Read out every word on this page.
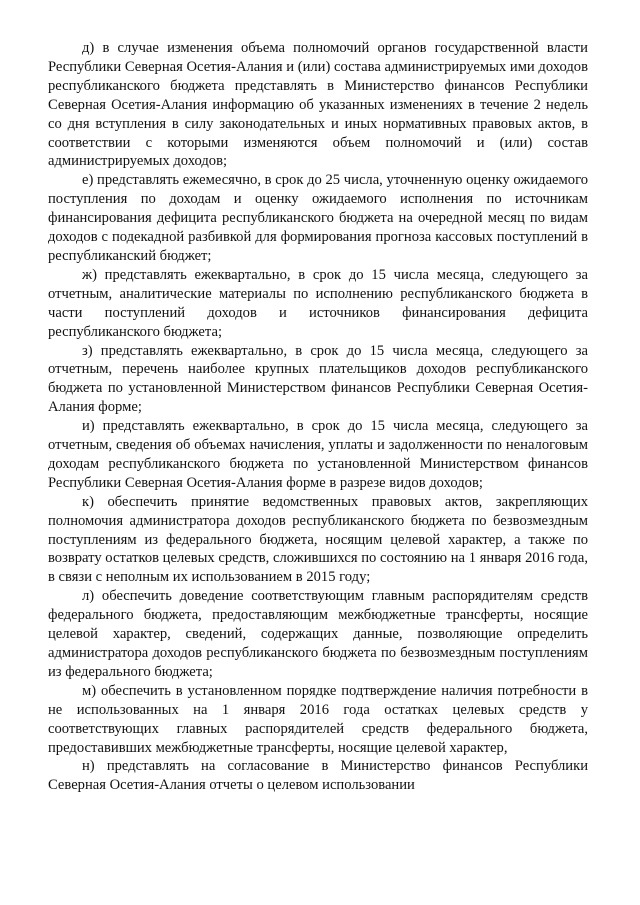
д) в случае изменения объема полномочий органов государственной власти Республики Северная Осетия-Алания и (или) состава администрируемых ими доходов республиканского бюджета представлять в Министерство финансов Республики Северная Осетия-Алания информацию об указанных изменениях в течение 2 недель со дня вступления в силу законодательных и иных нормативных правовых актов, в соответствии с которыми изменяются объем полномочий и (или) состав администрируемых доходов;

е) представлять ежемесячно, в срок до 25 числа, уточненную оценку ожидаемого поступления по доходам и оценку ожидаемого исполнения по источникам финансирования дефицита республиканского бюджета на очередной месяц по видам доходов с подекадной разбивкой для формирования прогноза кассовых поступлений в республиканский бюджет;

ж) представлять ежеквартально, в срок до 15 числа месяца, следующего за отчетным, аналитические материалы по исполнению республиканского бюджета в части поступлений доходов и источников финансирования дефицита республиканского бюджета;

з) представлять ежеквартально, в срок до 15 числа месяца, следующего за отчетным, перечень наиболее крупных плательщиков доходов республиканского бюджета по установленной Министерством финансов Республики Северная Осетия-Алания форме;

и) представлять ежеквартально, в срок до 15 числа месяца, следующего за отчетным, сведения об объемах начисления, уплаты и задолженности по неналоговым доходам республиканского бюджета по установленной Министерством финансов Республики Северная Осетия-Алания форме в разрезе видов доходов;

к) обеспечить принятие ведомственных правовых актов, закрепляющих полномочия администратора доходов республиканского бюджета по безвозмездным поступлениям из федерального бюджета, носящим целевой характер, а также по возврату остатков целевых средств, сложившихся по состоянию на 1 января 2016 года, в связи с неполным их использованием в 2015 году;

л) обеспечить доведение соответствующим главным распорядителям средств федерального бюджета, предоставляющим межбюджетные трансферты, носящие целевой характер, сведений, содержащих данные, позволяющие определить администратора доходов республиканского бюджета по безвозмездным поступлениям из федерального бюджета;

м) обеспечить в установленном порядке подтверждение наличия потребности в не использованных на 1 января 2016 года остатках целевых средств у соответствующих главных распорядителей средств федерального бюджета, предоставивших межбюджетные трансферты, носящие целевой характер,

н) представлять на согласование в Министерство финансов Республики Северная Осетия-Алания отчеты о целевом использовании
